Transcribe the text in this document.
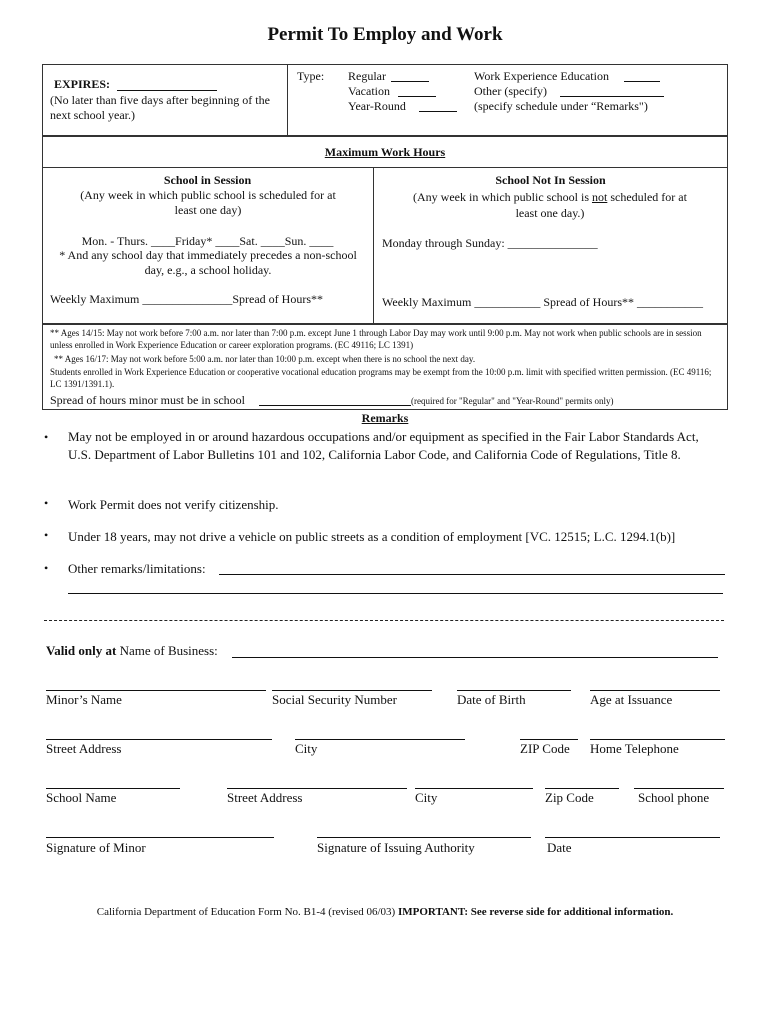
Permit To Employ and Work
EXPIRES:
(No later than five days after beginning of the next school year.)
Type: Regular
Vacation
Year-Round
Work Experience Education
Other (specify)
(specify schedule under “Remarks")
Maximum Work Hours
School in Session
(Any week in which public school is scheduled for at least one day)
Mon. - Thurs. ____Friday* ____Sat. ____Sun. ____
* And any school day that immediately precedes a non-school day, e.g., a school holiday.
Weekly Maximum _______________Spread of Hours**
School Not In Session
(Any week in which public school is not scheduled for at least one day.)
Monday through Sunday: _______________
Weekly Maximum ___________ Spread of Hours** ___________
** Ages 14/15: May not work before 7:00 a.m. nor later than 7:00 p.m. except June 1 through Labor Day may work until 9:00 p.m. May not work when public schools are in session unless enrolled in Work Experience Education or career exploration programs. (EC 49116; LC 1391)
** Ages 16/17: May not work before 5:00 a.m. nor later than 10:00 p.m. except when there is no school the next day.
Students enrolled in Work Experience Education or cooperative vocational education programs may be exempt from the 10:00 p.m. limit with specified written permission. (EC 49116; LC 1391/1391.1).
Spread of hours minor must be in school	(required for "Regular" and "Year-Round" permits only)
Remarks
• May not be employed in or around hazardous occupations and/or equipment as specified in the Fair Labor Standards Act, U.S. Department of Labor Bulletins 101 and 102, California Labor Code, and California Code of Regulations, Title 8.
• Work Permit does not verify citizenship.
• Under 18 years, may not drive a vehicle on public streets as a condition of employment [VC. 12515; L.C. 1294.1(b)]
• Other remarks/limitations:
Valid only at Name of Business:
Minor’s Name	Social Security Number	Date of Birth	Age at Issuance
Street Address	City	ZIP Code Home Telephone
School Name	Street Address	City	Zip Code	School phone
Signature of Minor	Signature of Issuing Authority	Date
California Department of Education Form No. B1-4 (revised 06/03) IMPORTANT: See reverse side for additional information.
